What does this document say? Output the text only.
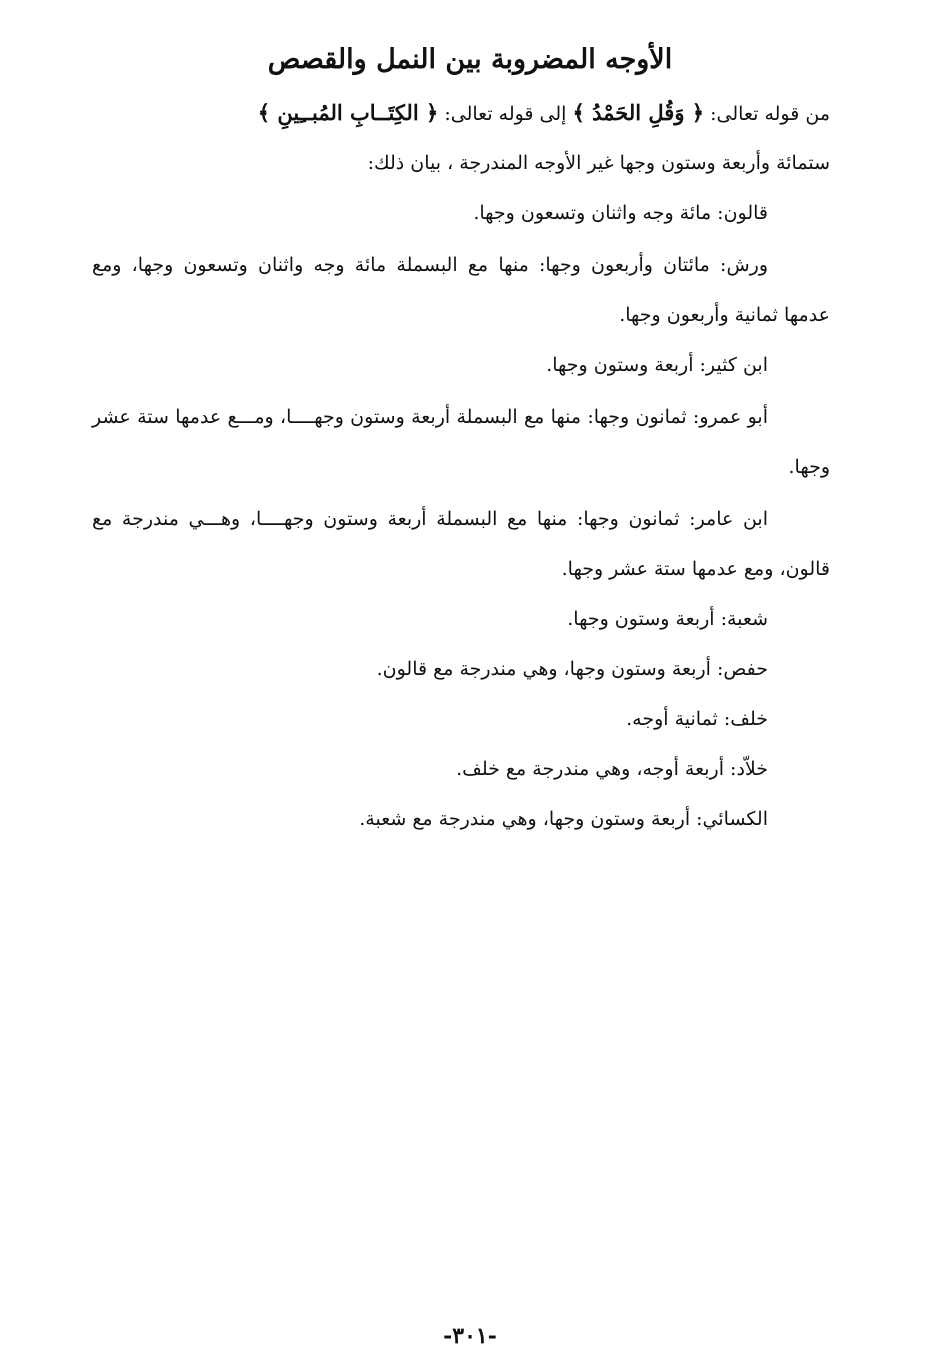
الأوجه المضروبة بين النمل والقصص
من قوله تعالى: ﴿ وَقُلِ الحَمْدُ ﴾ إلى قوله تعالى: ﴿ الكِتَــابِ المُبــِينِ ﴾
ستمائة وأربعة وستون وجها غير الأوجه المندرجة ، بيان ذلك:
قالون: مائة وجه واثنان وتسعون وجها.
ورش: مائتان وأربعون وجها: منها مع البسملة مائة وجه واثنان وتسعون وجها، ومع عدمها ثمانية وأربعون وجها.
ابن كثير: أربعة وستون وجها.
أبو عمرو: ثمانون وجها: منها مع البسملة أربعة وستون وجهــــا، ومـــع عدمها ستة عشر وجها.
ابن عامر: ثمانون وجها: منها مع البسملة أربعة وستون وجهــــا، وهـــي مندرجة مع قالون، ومع عدمها ستة عشر وجها.
شعبة: أربعة وستون وجها.
حفص: أربعة وستون وجها، وهي مندرجة مع قالون.
خلف: ثمانية أوجه.
خلاّد: أربعة أوجه، وهي مندرجة مع خلف.
الكسائي: أربعة وستون وجها، وهي مندرجة مع شعبة.
-٣٠١-
